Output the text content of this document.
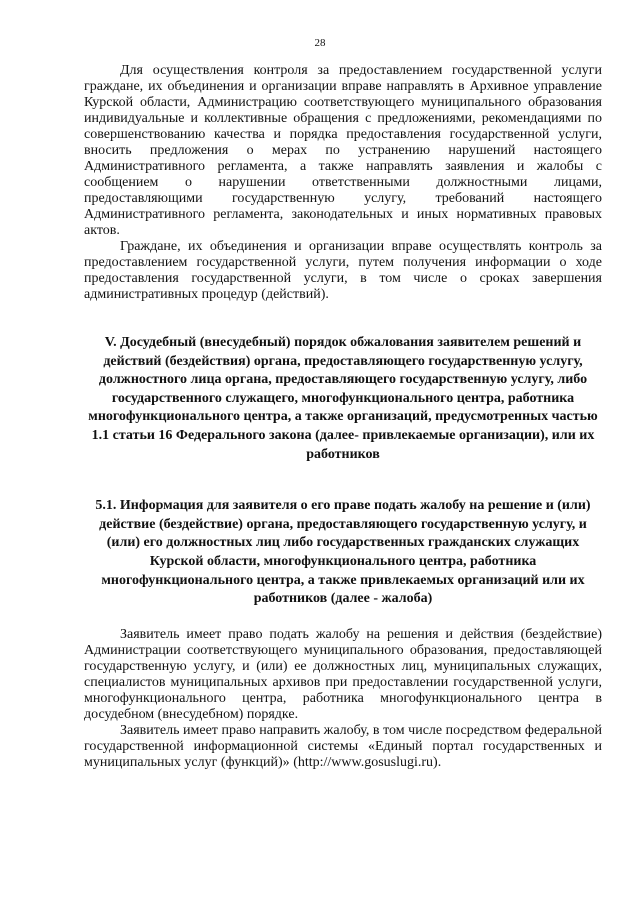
28

Для осуществления контроля за предоставлением государственной услуги граждане, их объединения и организации вправе направлять в Архивное управление Курской области, Администрацию соответствующего муниципального образования индивидуальные и коллективные обращения с предложениями, рекомендациями по совершенствованию качества и порядка предоставления государственной услуги, вносить предложения о мерах по устранению нарушений настоящего Административного регламента, а также направлять заявления и жалобы с сообщением о нарушении ответственными должностными лицами, предоставляющими государственную услугу, требований настоящего Административного регламента, законодательных и иных нормативных правовых актов.

Граждане, их объединения и организации вправе осуществлять контроль за предоставлением государственной услуги, путем получения информации о ходе предоставления государственной услуги, в том числе о сроках завершения административных процедур (действий).

V. Досудебный (внесудебный) порядок обжалования заявителем решений и действий (бездействия) органа, предоставляющего государственную услугу, должностного лица органа, предоставляющего государственную услугу, либо государственного служащего, многофункционального центра, работника многофункционального центра, а также организаций, предусмотренных частью 1.1 статьи 16 Федерального закона (далее- привлекаемые организации), или их работников

5.1. Информация для заявителя о его праве подать жалобу на решение и (или) действие (бездействие) органа, предоставляющего государственную услугу, и (или) его должностных лиц либо государственных гражданских служащих Курской области, многофункционального центра, работника многофункционального центра, а также привлекаемых организаций или их работников (далее - жалоба)

Заявитель имеет право подать жалобу на решения и действия (бездействие) Администрации соответствующего муниципального образования, предоставляющей государственную услугу, и (или) ее должностных лиц, муниципальных служащих, специалистов муниципальных архивов при предоставлении государственной услуги, многофункционального центра, работника многофункционального центра в досудебном (внесудебном) порядке.

Заявитель имеет право направить жалобу, в том числе посредством федеральной государственной информационной системы «Единый портал государственных и муниципальных услуг (функций)» (http://www.gosuslugi.ru).
